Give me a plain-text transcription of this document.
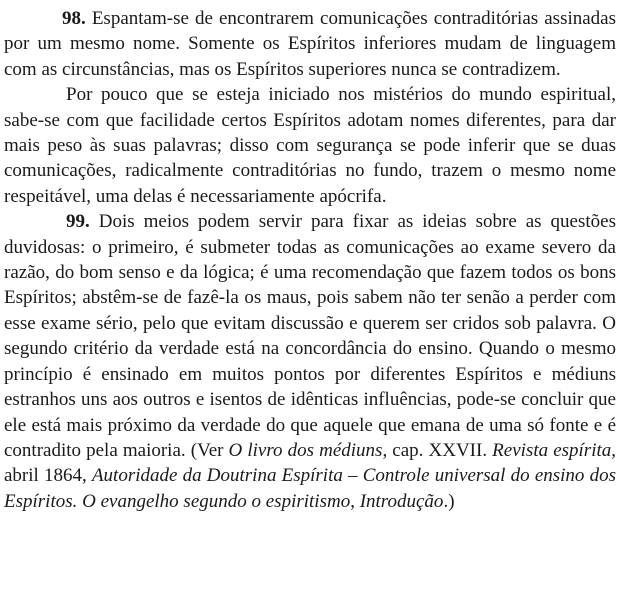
98. Espantam-se de encontrarem comunicações contraditórias assinadas por um mesmo nome. Somente os Espíritos inferiores mudam de linguagem com as circunstâncias, mas os Espíritos superiores nunca se contradizem.

Por pouco que se esteja iniciado nos mistérios do mundo espiritual, sabe-se com que facilidade certos Espíritos adotam nomes diferentes, para dar mais peso às suas palavras; disso com segurança se pode inferir que se duas comunicações, radicalmente contraditórias no fundo, trazem o mesmo nome respeitável, uma delas é necessariamente apócrifa.

99. Dois meios podem servir para fixar as ideias sobre as questões duvidosas: o primeiro, é submeter todas as comunicações ao exame severo da razão, do bom senso e da lógica; é uma recomendação que fazem todos os bons Espíritos; abstêm-se de fazê-la os maus, pois sabem não ter senão a perder com esse exame sério, pelo que evitam discussão e querem ser cridos sob palavra. O segundo critério da verdade está na concordância do ensino. Quando o mesmo princípio é ensinado em muitos pontos por diferentes Espíritos e médiuns estranhos uns aos outros e isentos de idênticas influências, pode-se concluir que ele está mais próximo da verdade do que aquele que emana de uma só fonte e é contradito pela maioria. (Ver O livro dos médiuns, cap. XXVII. Revista espírita, abril 1864, Autoridade da Doutrina Espírita – Controle universal do ensino dos Espíritos. O evangelho segundo o espiritismo, Introdução.)
